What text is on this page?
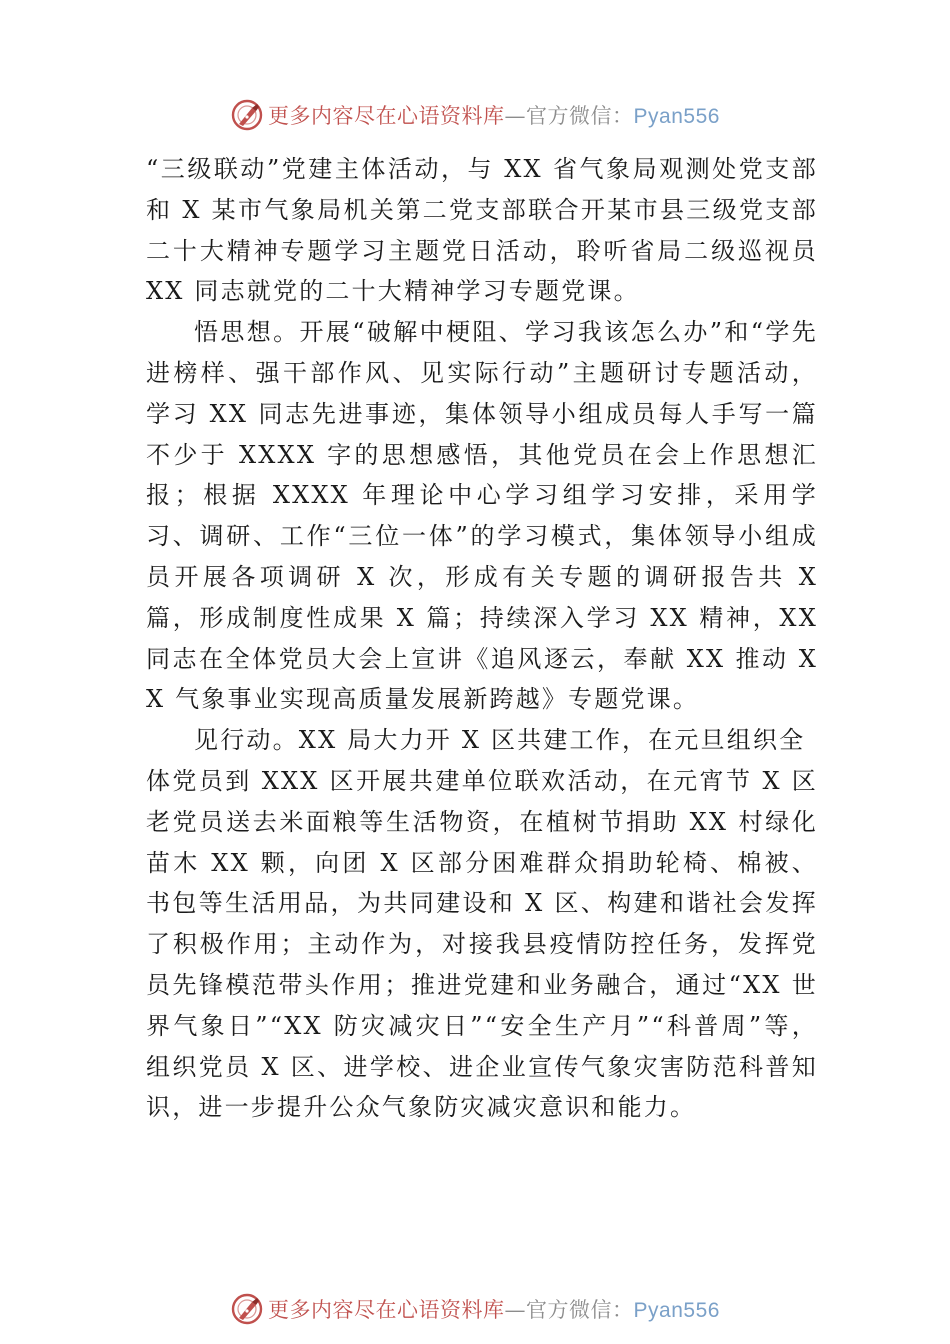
更多内容尽在心语资料库—官方微信：Pyan556

“三级联动”党建主体活动，与 XX 省气象局观测处党支部和 X 某市气象局机关第二党支部联合开某市县三级党支部二十大精神专题学习主题党日活动，聆听省局二级巡视员 XX 同志就党的二十大精神学习专题党课。

悟思想。开展“破解中梗阻、学习我该怎么办”和“学先进榜样、强干部作风、见实际行动”主题研讨专题活动， 学习 XX 同志先进事迹，集体领导小组成员每人手写一篇不少于 XXXX 字的思想感悟，其他党员在会上作思想汇报；根据 XXXX 年理论中心学习组学习安排，采用学习、调研、工作“三位一体”的学习模式，集体领导小组成员开展各项调研 X 次，形成有关专题的调研报告共 X 篇，形成制度性成果 X 篇；持续深入学习 XX 精神，XX 同志在全体党员大会上宣讲《追风逐云，奉献 XX 推动 XX 气象事业实现高质量发展新跨越》专题党课。

见行动。XX 局大力开 X 区共建工作，在元旦组织全

体党员到 XXX 区开展共建单位联欢活动，在元宵节 X 区老党员送去米面粮等生活物资，在植树节捐助 XX 村绿化苗木 XX 颗，向团 X 区部分困难群众捐助轮椅、棉被、书包等生活用品，为共同建设和 X 区、构建和谐社会发挥了积极作用；主动作为，对接我县疫情防控任务，发挥党员先锋模范带头作用；推进党建和业务融合，通过“XX 世界气象日”“XX 防灾减灾日”“安全生产月”“科普周”等，组织党员 X 区、进学校、进企业宣传气象灾害防范科普知识，进一步提升公众气象防灾减灾意识和能力。

更多内容尽在心语资料库—官方微信：Pyan556
